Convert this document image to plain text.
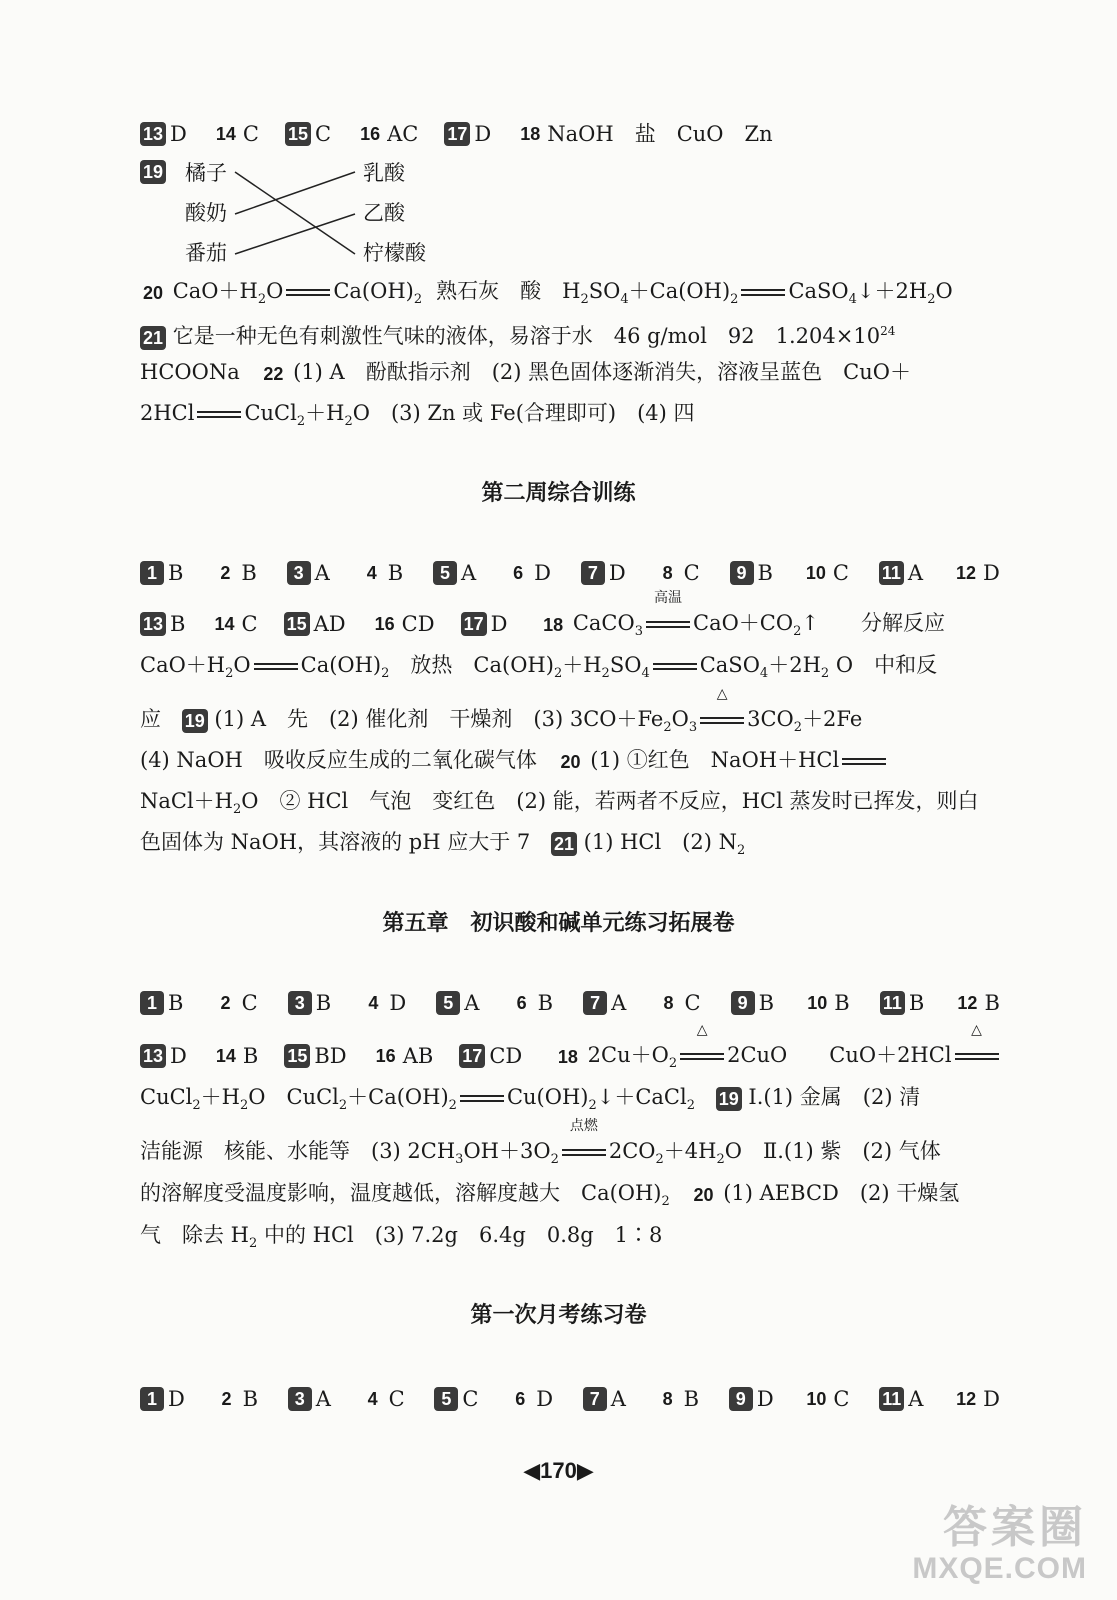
13 D 14 C 15 C 16 AC 17 D 18 NaOH　盐　CuO　Zn
19 橘子
酸奶
番茄
乳酸
乙酸
柠檬酸
20 $CaO+H_2O$ $Ca(OH)_2$ 熟石灰　酸　$H_2SO_4+Ca(OH)_2$ $CaSO_4↓+2H_2O$
21 它是一种无色有刺激性气味的液体，易溶于水　46 g/mol　92　$1.204\times 10^{24}$
HCOONa 22 (1) A　酚酞指示剂　(2) 黑色固体逐渐消失，溶液呈蓝色　CuO＋
2HCl $CuCl_2+H_2O$　(3) Zn 或 Fe(合理即可)　(4) 四
第二周综合训练
1 B	2 B	3 A	4 B	5 A	6 D	7 D	8 C	9 B 10 C 11 A 12 D
13 B 14 C 15 AD 16 CD 17 D 18 CaCO$_3$
高温
$CaO+CO_2↑$　　分解反应
$CaO+H_2O$ $Ca(OH)_2$　放热　$Ca(OH)_2+H_2SO_4$ $CaSO_4+2H_2$ O　中和反
应 19 (1) A　先　(2) 催化剂　干燥剂　(3) $3CO+Fe_2O_3$
△
$3CO_2+2Fe$
(4) NaOH　吸收反应生成的二氧化碳气体 20 (1) ①红色　NaOH＋HCl
$NaCl+H_2O$　② HCl　气泡　变红色　(2) 能，若两者不反应，HCl 蒸发时已挥发，则白
色固体为 NaOH，其溶液的 pH 应大于 7 21 (1) HCl　(2) $N_2$
第五章　初识酸和碱单元练习拓展卷
1 B	2 C	3 B	4 D	5 A	6 B	7 A	8 C	9 B 10 B 11 B 12 B
13 D 14 B 15 BD 16 AB 17 CD 18 $2Cu+O_2$
△
2CuO　　CuO＋2HCl
△
$CuCl_2+H_2O$　$CuCl_2+Ca(OH)_2$ $Cu(OH)_2↓+CaCl_2$ 19 Ⅰ.(1) 金属　(2) 清
洁能源　核能、水能等　(3) $2CH_3OH+3O_2$
点燃
$2CO_2+4H_2O$　Ⅱ.(1) 紫　(2) 气体
的溶解度受温度影响，温度越低，溶解度越大　$Ca(OH)_2$ 20 (1) AEBCD　(2) 干燥氢
气　除去 $H_2$ 中的 HCl　(3) 7.2g　6.4g　0.8g　1∶8
第一次月考练习卷
1 D	2 B	3 A	4 C	5 C	6 D	7 A	8 B	9 D 10 C 11 A 12 D
◀170▶
答案圈
MXQE.COM
